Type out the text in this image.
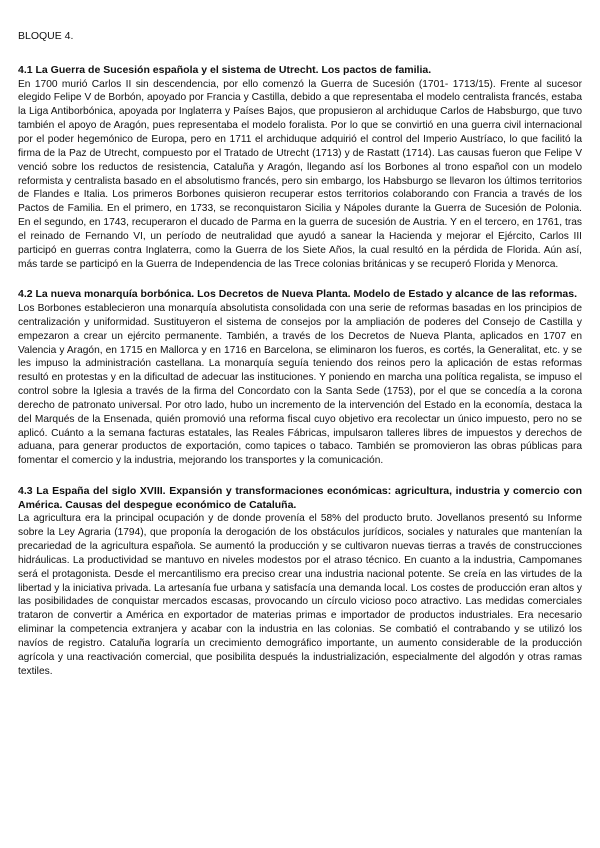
BLOQUE 4.

4.1 La Guerra de Sucesión española y el sistema de Utrecht. Los pactos de familia.

En 1700 murió Carlos II sin descendencia, por ello comenzó la Guerra de Sucesión (1701- 1713/15). Frente al sucesor elegido Felipe V de Borbón, apoyado por Francia y Castilla, debido a que representaba el modelo centralista francés, estaba la Liga Antiborbónica, apoyada por Inglaterra y Países Bajos, que propusieron al archiduque Carlos de Habsburgo, que tuvo también el apoyo de Aragón, pues representaba el modelo foralista. Por lo que se convirtió en una guerra civil internacional por el poder hegemónico de Europa, pero en 1711 el archiduque adquirió el control del Imperio Austríaco, lo que facilitó la firma de la Paz de Utrecht, compuesto por el Tratado de Utrecht (1713) y de Rastatt (1714). Las causas fueron que Felipe V venció sobre los reductos de resistencia, Cataluña y Aragón, llegando así los Borbones al trono español con un modelo reformista y centralista basado en el absolutismo francés, pero sin embargo, los Habsburgo se llevaron los últimos territorios de Flandes e Italia. Los primeros Borbones quisieron recuperar estos territorios colaborando con Francia a través de los Pactos de Familia. En el primero, en 1733, se reconquistaron Sicilia y Nápoles durante la Guerra de Sucesión de Polonia. En el segundo, en 1743, recuperaron el ducado de Parma en la guerra de sucesión de Austria. Y en el tercero, en 1761, tras el reinado de Fernando VI, un período de neutralidad que ayudó a sanear la Hacienda y mejorar el Ejército, Carlos III participó en guerras contra Inglaterra, como la Guerra de los Siete Años, la cual resultó en la pérdida de Florida. Aún así, más tarde se participó en la Guerra de Independencia de las Trece colonias británicas y se recuperó Florida y Menorca.

4.2 La nueva monarquía borbónica. Los Decretos de Nueva Planta. Modelo de Estado y alcance de las reformas.

Los Borbones establecieron una monarquía absolutista consolidada con una serie de reformas basadas en los principios de centralización y uniformidad. Sustituyeron el sistema de consejos por la ampliación de poderes del Consejo de Castilla y empezaron a crear un ejército permanente. También, a través de los Decretos de Nueva Planta, aplicados en 1707 en Valencia y Aragón, en 1715 en Mallorca y en 1716 en Barcelona, se eliminaron los fueros, es cortés, la Generalitat, etc. y se les impuso la administración castellana. La monarquía seguía teniendo dos reinos pero la aplicación de estas reformas resultó en protestas y en la dificultad de adecuar las instituciones. Y poniendo en marcha una política regalista, se impuso el control sobre la Iglesia a través de la firma del Concordato con la Santa Sede (1753), por el que se concedía a la corona derecho de patronato universal. Por otro lado, hubo un incremento de la intervención del Estado en la economía, destaca la del Marqués de la Ensenada, quién promovió una reforma fiscal cuyo objetivo era recolectar un único impuesto, pero no se aplicó. Cuánto a la semana facturas estatales, las Reales Fábricas, impulsaron talleres libres de impuestos y derechos de aduana, para generar productos de exportación, como tapices o tabaco. También se promovieron las obras públicas para fomentar el comercio y la industria, mejorando los transportes y la comunicación.

4.3 La España del siglo XVIII. Expansión y transformaciones económicas: agricultura, industria y comercio con América. Causas del despegue económico de Cataluña.

La agricultura era la principal ocupación y de donde provenía el 58% del producto bruto. Jovellanos presentó su Informe sobre la Ley Agraria (1794), que proponía la derogación de los obstáculos jurídicos, sociales y naturales que mantenían la precariedad de la agricultura española. Se aumentó la producción y se cultivaron nuevas tierras a través de construcciones hidráulicas. La productividad se mantuvo en niveles modestos por el atraso técnico. En cuanto a la industria, Campomanes será el protagonista. Desde el mercantilismo era preciso crear una industria nacional potente. Se creía en las virtudes de la libertad y la iniciativa privada. La artesanía fue urbana y satisfacía una demanda local. Los costes de producción eran altos y las posibilidades de conquistar mercados escasas, provocando un círculo vicioso poco atractivo. Las medidas comerciales trataron de convertir a América en exportador de materias primas e importador de productos industriales. Era necesario eliminar la competencia extranjera y acabar con la industria en las colonias. Se combatió el contrabando y se utilizó los navíos de registro. Cataluña lograría un crecimiento demográfico importante, un aumento considerable de la producción agrícola y una reactivación comercial, que posibilita después la industrialización, especialmente del algodón y otras ramas textiles.
